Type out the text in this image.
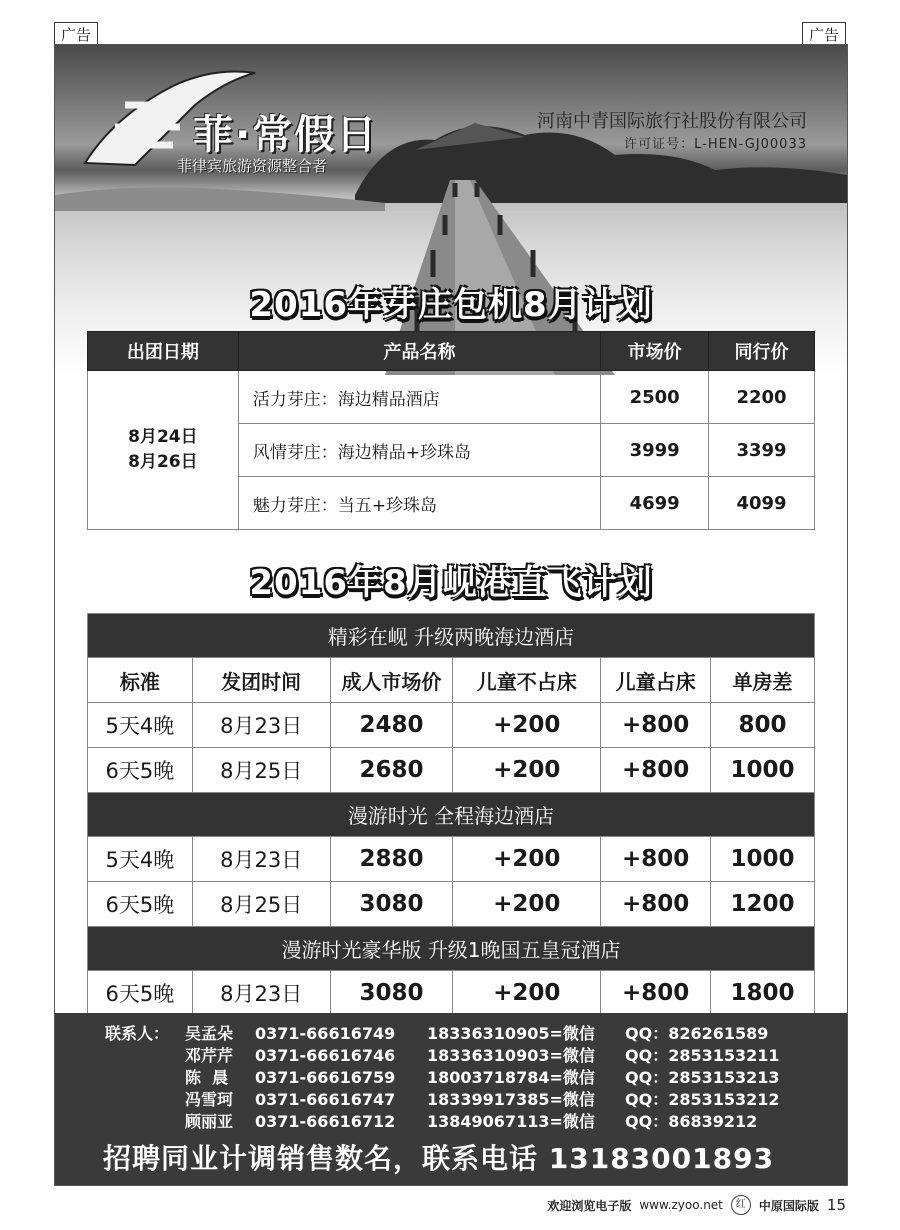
广告	广告
菲·常假日
菲律宾旅游资源整合者
河南中青国际旅行社股份有限公司
许可证号：L-HEN-GJ00033
2016年芽庄包机8月计划
出团日期	产品名称	市场价	同行价

8月24日
8月26日	活力芽庄：海边精品酒店	2500	2200
	风情芽庄：海边精品+珍珠岛	3999	3399
	魅力芽庄：当五+珍珠岛	4699	4099
2016年8月岘港直飞计划
精彩在岘 升级两晚海边酒店					
标准	发团时间	成人市场价	儿童不占床	儿童占床	单房差
5天4晚	8月23日	2480	+200	+800	800
6天5晚	8月25日	2680	+200	+800	1000
漫游时光 全程海边酒店					
5天4晚	8月23日	2880	+200	+800	1000
6天5晚	8月25日	3080	+200	+800	1200
漫游时光豪华版 升级1晚国五皇冠酒店					
6天5晚	8月23日	3080	+200	+800	1800
联系人： 吴孟朵 0371-66616749 18336310905=微信 QQ：826261589
邓芹芹 0371-66616746 18336310903=微信 QQ：2853153211
陈  晨 0371-66616759 18003718784=微信 QQ：2853153213
冯雪珂 0371-66616747 18339917385=微信 QQ：2853153212
顾丽亚 0371-66616712 13849067113=微信 QQ：86839212
招聘同业计调销售数名，联系电话 13183001893
欢迎浏览电子版 www.zyoo.net	红	中原国际版 15
